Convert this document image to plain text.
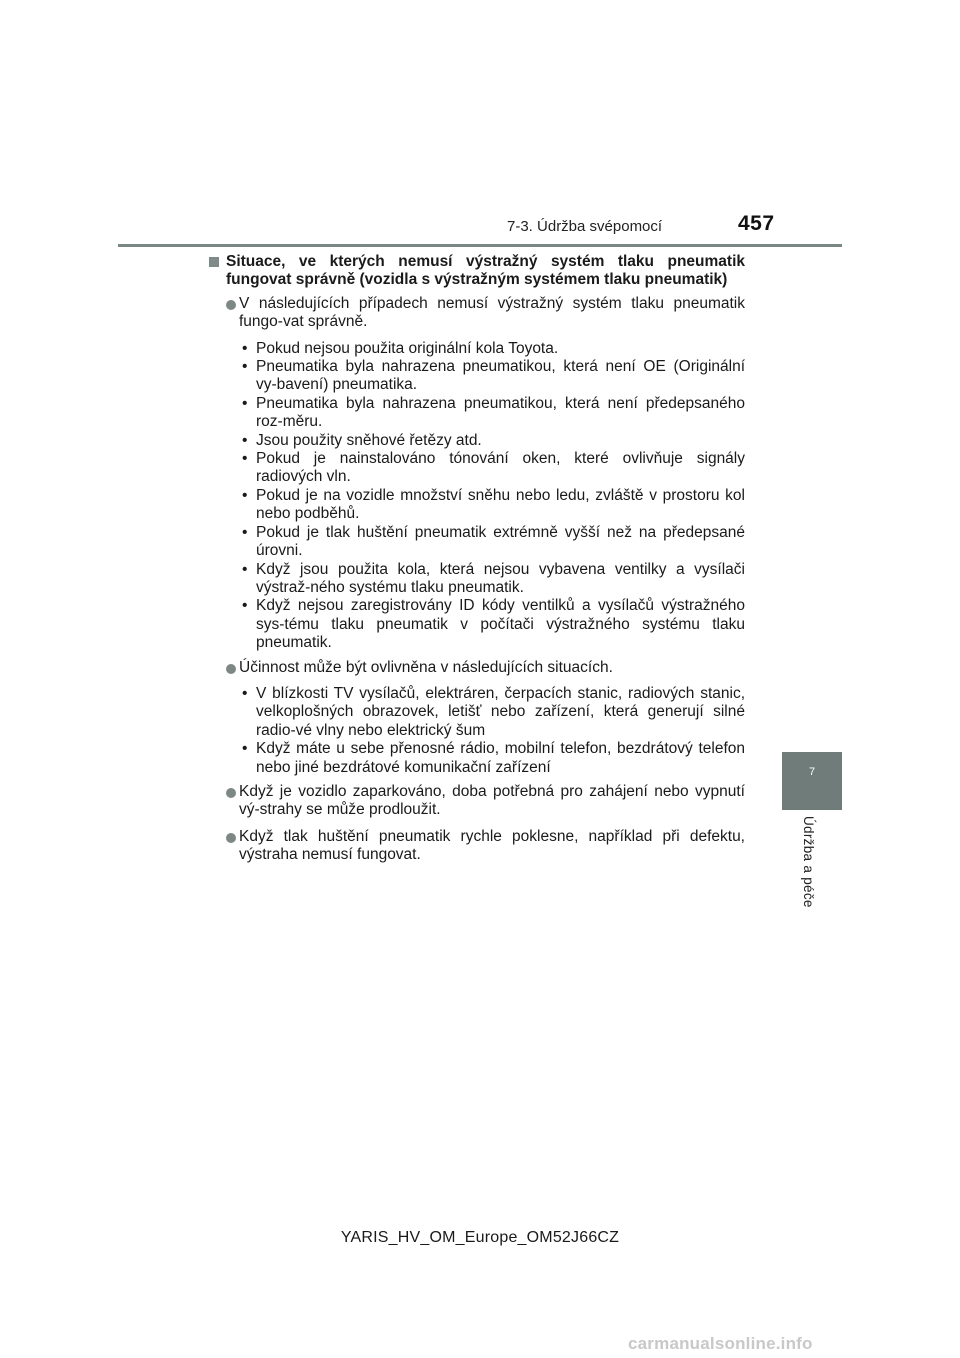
7-3. Údržba svépomocí	457
7
Údržba a péče
Situace, ve kterých nemusí výstražný systém tlaku pneumatik fungovat správně (vozidla s výstražným systémem tlaku pneumatik)
V následujících případech nemusí výstražný systém tlaku pneumatik fungo-vat správně.
• Pokud nejsou použita originální kola Toyota.
• Pneumatika byla nahrazena pneumatikou, která není OE (Originální vy-bavení) pneumatika.
• Pneumatika byla nahrazena pneumatikou, která není předepsaného roz-měru.
• Jsou použity sněhové řetězy atd.
• Pokud je nainstalováno tónování oken, které ovlivňuje signály radiových vln.
• Pokud je na vozidle množství sněhu nebo ledu, zvláště v prostoru kol nebo podběhů.
• Pokud je tlak huštění pneumatik extrémně vyšší než na předepsané úrovni.
• Když jsou použita kola, která nejsou vybavena ventilky a vysílači výstraž-ného systému tlaku pneumatik.
• Když nejsou zaregistrovány ID kódy ventilků a vysílačů výstražného sys-tému tlaku pneumatik v počítači výstražného systému tlaku pneumatik.
Účinnost může být ovlivněna v následujících situacích.
• V blízkosti TV vysílačů, elektráren, čerpacích stanic, radiových stanic, velkoplošných obrazovek, letišť nebo zařízení, která generují silné radio-vé vlny nebo elektrický šum
• Když máte u sebe přenosné rádio, mobilní telefon, bezdrátový telefon nebo jiné bezdrátové komunikační zařízení
Když je vozidlo zaparkováno, doba potřebná pro zahájení nebo vypnutí vý-strahy se může prodloužit.
Když tlak huštění pneumatik rychle poklesne, například při defektu, výstraha nemusí fungovat.
YARIS_HV_OM_Europe_OM52J66CZ
carmanualsonline.info
